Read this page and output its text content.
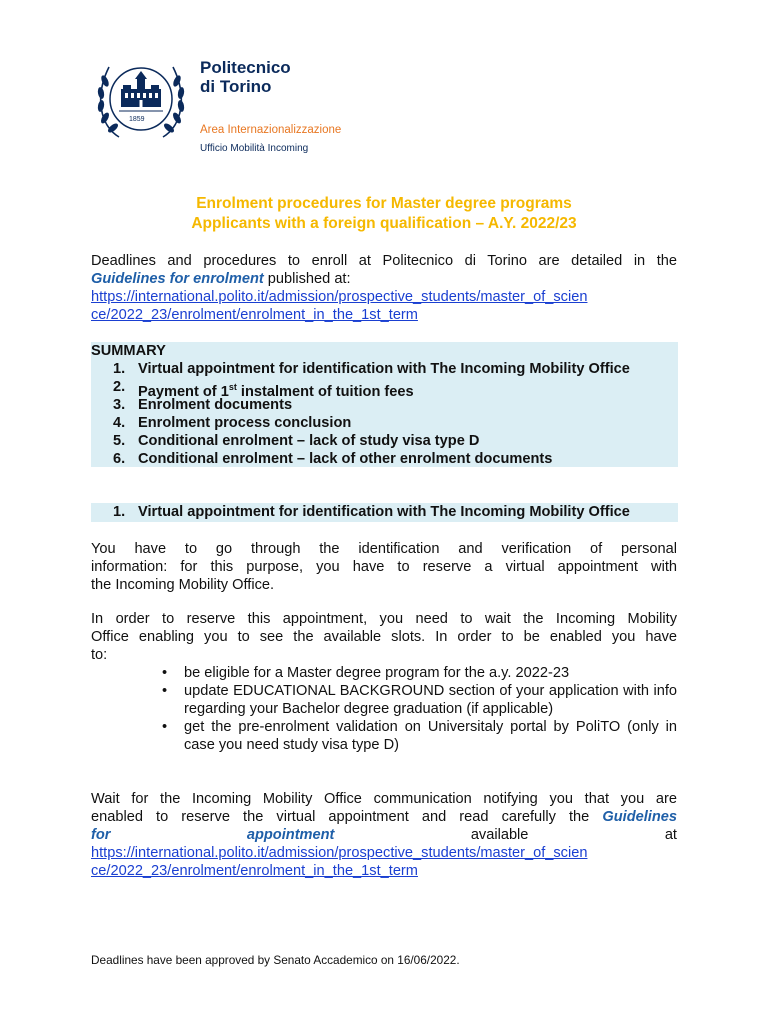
1859
Politecnico
di Torino
Area Internazionalizzazione
Ufficio Mobilità Incoming
Enrolment procedures for Master degree programs
Applicants with a foreign qualification – A.Y. 2022/23
Deadlines and procedures to enroll at Politecnico di Torino are detailed in the
Guidelines for enrolment published at:
https://international.polito.it/admission/prospective_students/master_of_scien
ce/2022_23/enrolment/enrolment_in_the_1st_term
SUMMARY
1. Virtual appointment for identification with The Incoming Mobility Office
2. Payment of 1st instalment of tuition fees
3. Enrolment documents
4. Enrolment process conclusion
5. Conditional enrolment – lack of study visa type D
6. Conditional enrolment – lack of other enrolment documents
1. Virtual appointment for identification with The Incoming Mobility Office
You have to go through the identification and verification of personal
information: for this purpose, you have to reserve a virtual appointment with
the Incoming Mobility Office.
In order to reserve this appointment, you need to wait the Incoming Mobility
Office enabling you to see the available slots. In order to be enabled you have
to:
• be eligible for a Master degree program for the a.y. 2022-23
• update EDUCATIONAL BACKGROUND section of your application with info regarding your Bachelor degree graduation (if applicable)
• get the pre-enrolment validation on Universitaly portal by PoliTO (only in case you need study visa type D)
Wait for the Incoming Mobility Office communication notifying you that you are
enabled to reserve the virtual appointment and read carefully the Guidelines
for	appointment	available	at
https://international.polito.it/admission/prospective_students/master_of_scien
ce/2022_23/enrolment/enrolment_in_the_1st_term
Deadlines have been approved by Senato Accademico on 16/06/2022.
